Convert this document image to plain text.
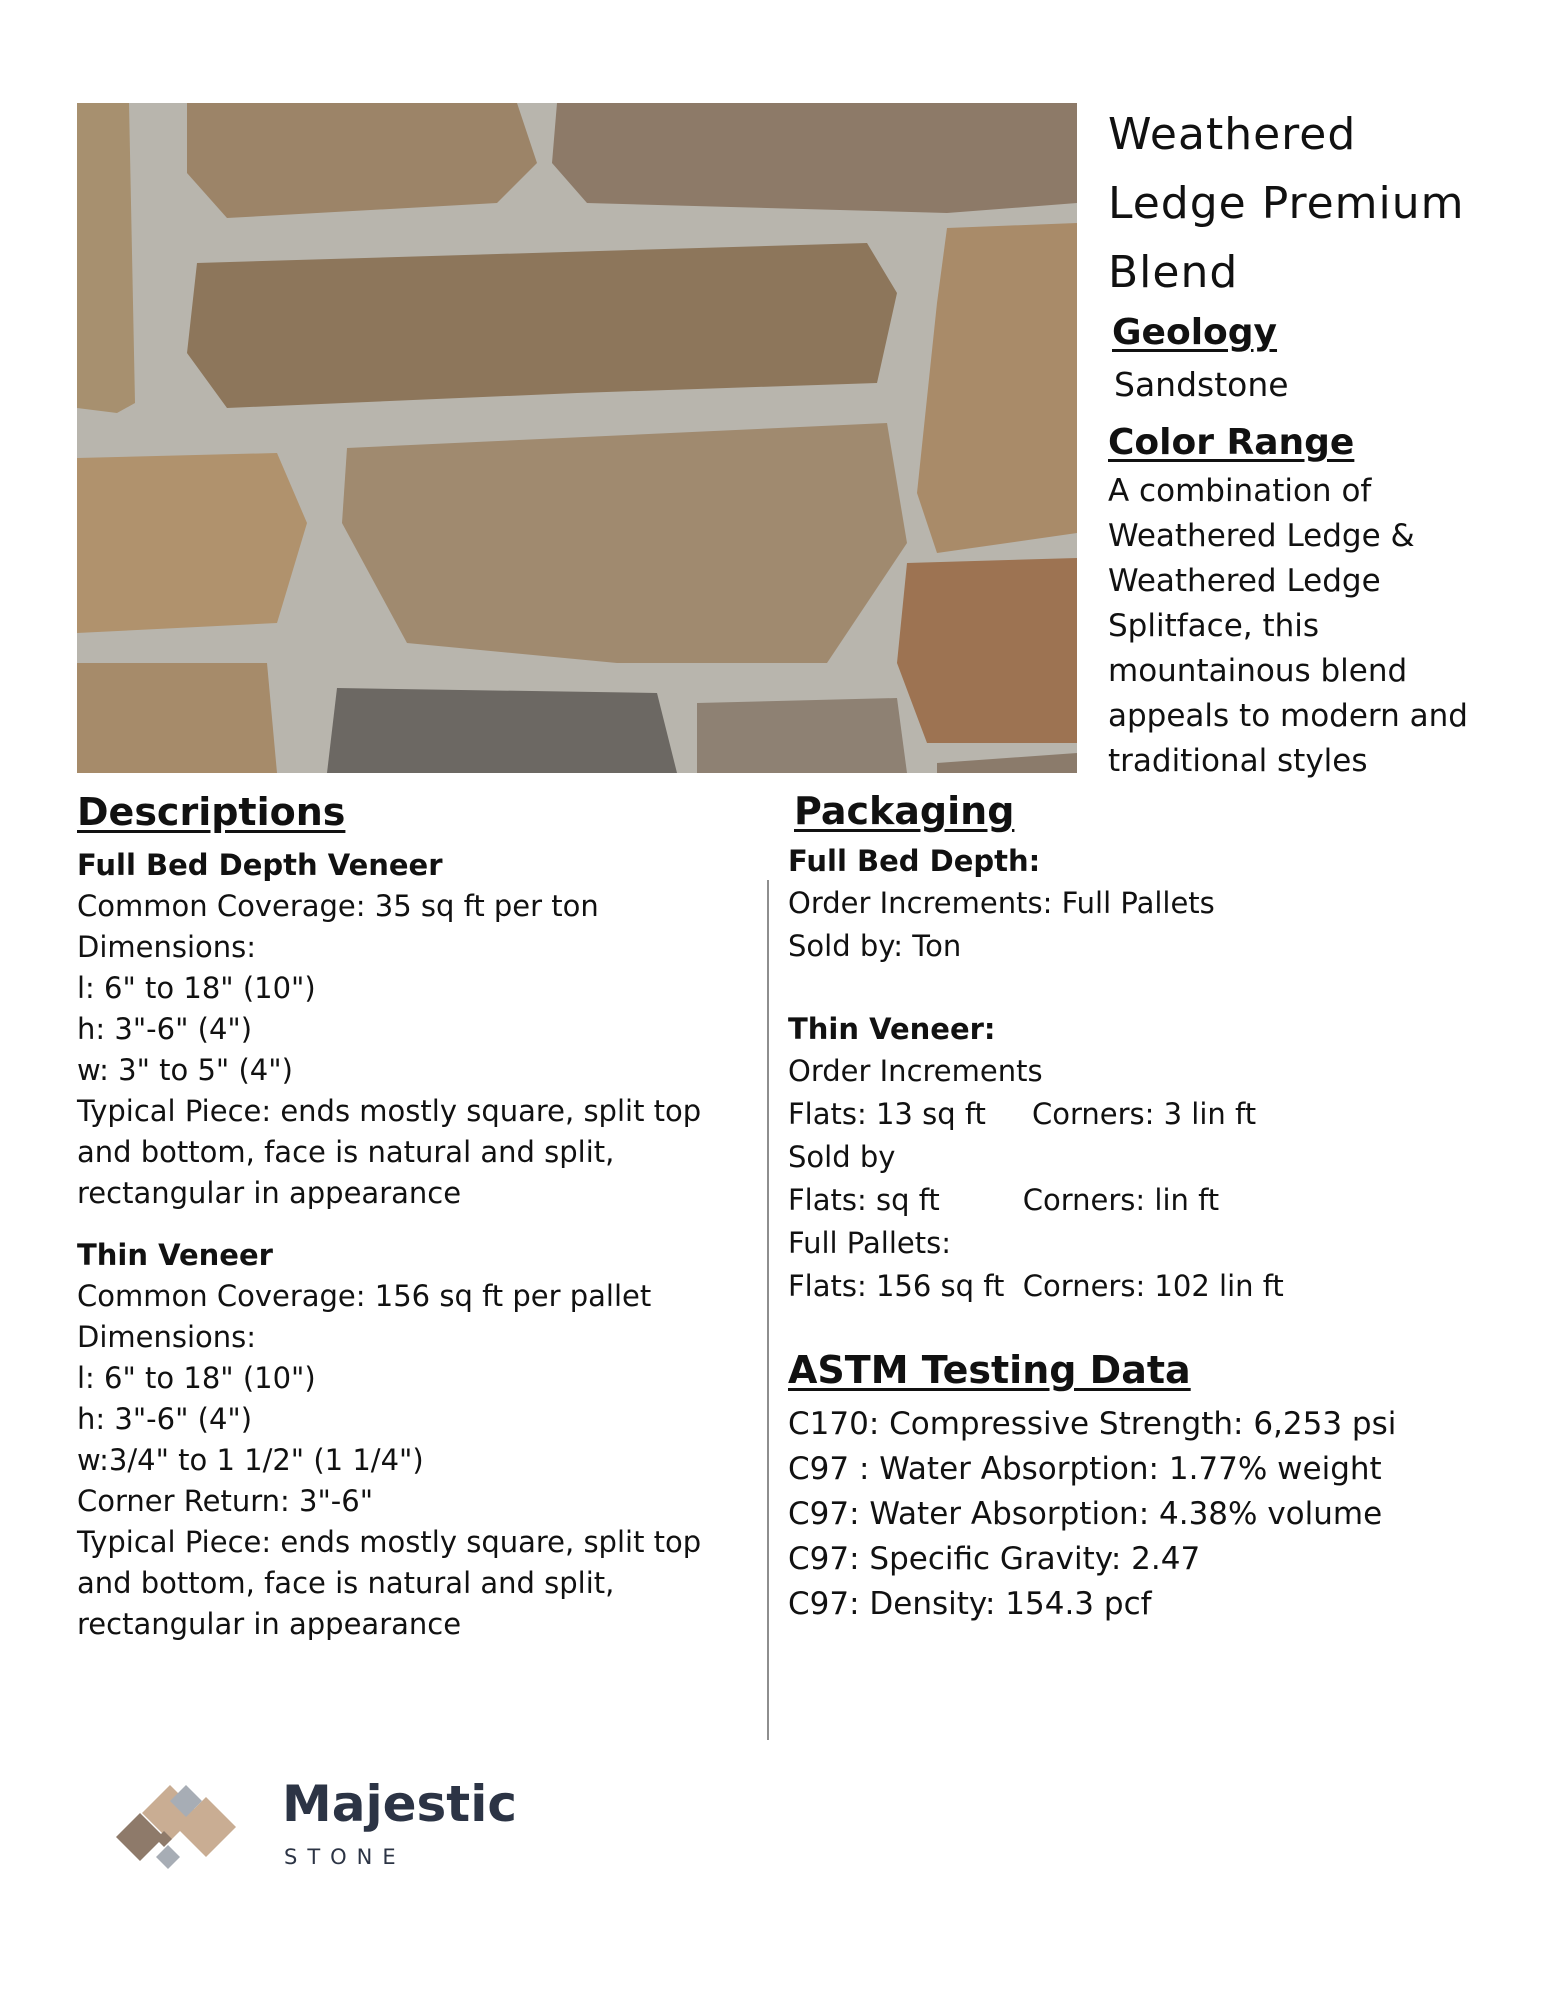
Weathered
Ledge Premium
Blend
Geology
Sandstone
Color Range
A combination of
Weathered Ledge &
Weathered Ledge
Splitface, this
mountainous blend
appeals to modern and
traditional styles
Descriptions
Full Bed Depth Veneer
Common Coverage: 35 sq ft per ton
Dimensions:
l: 6" to 18" (10")
h: 3"-6" (4")
w: 3" to 5" (4")
Typical Piece: ends mostly square, split top
and bottom, face is natural and split,
rectangular in appearance
Thin Veneer
Common Coverage: 156 sq ft per pallet
Dimensions:
l: 6" to 18" (10")
h: 3"-6" (4")
w:3/4" to 1 1/2" (1 1/4")
Corner Return: 3"-6"
Typical Piece: ends mostly square, split top
and bottom, face is natural and split,
rectangular in appearance
Packaging
Full Bed Depth:
Order Increments: Full Pallets
Sold by: Ton
Thin Veneer:
Order Increments
Flats: 13 sq ft     Corners: 3 lin ft
Sold by
Flats: sq ft         Corners: lin ft
Full Pallets:
Flats: 156 sq ft  Corners: 102 lin ft
ASTM Testing Data
C170: Compressive Strength: 6,253 psi
C97 : Water Absorption: 1.77% weight
C97: Water Absorption: 4.38% volume
C97: Specific Gravity: 2.47
C97: Density: 154.3 pcf
Majestic
STONE
